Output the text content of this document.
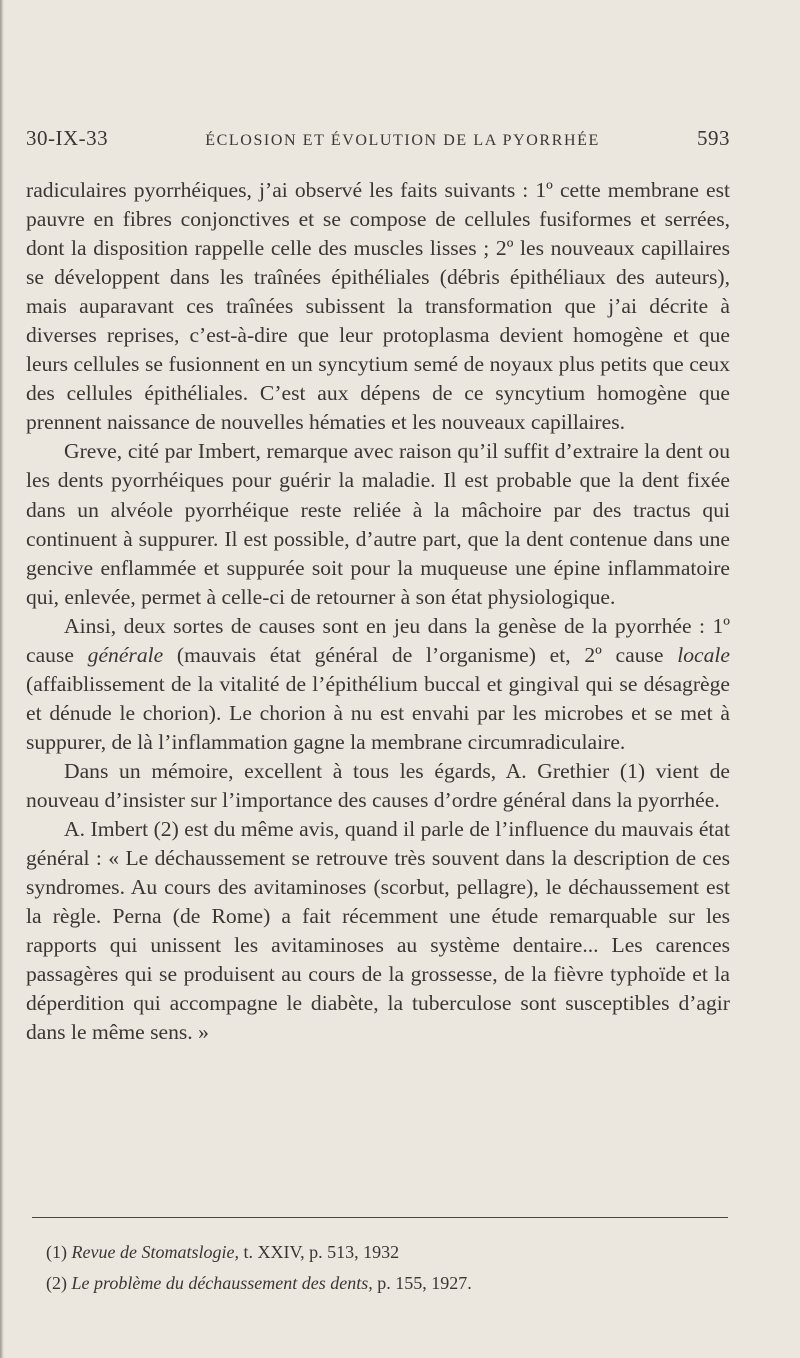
30-IX-33	ÉCLOSION ET ÉVOLUTION DE LA PYORRHÉE	593

radiculaires pyorrhéiques, j’ai observé les faits suivants : 1º cette membrane est pauvre en fibres conjonctives et se compose de cellules fusiformes et serrées, dont la disposition rappelle celle des muscles lisses ; 2º les nouveaux capillaires se développent dans les traînées épithéliales (débris épithéliaux des auteurs), mais auparavant ces traînées subissent la transformation que j’ai décrite à diverses reprises, c’est-à-dire que leur protoplasma devient homogène et que leurs cellules se fusionnent en un syncytium semé de noyaux plus petits que ceux des cellules épithéliales. C’est aux dépens de ce syncytium homogène que prennent naissance de nouvelles hématies et les nouveaux capillaires.

Greve, cité par Imbert, remarque avec raison qu’il suffit d’extraire la dent ou les dents pyorrhéiques pour guérir la maladie. Il est probable que la dent fixée dans un alvéole pyorrhéique reste reliée à la mâchoire par des tractus qui continuent à suppurer. Il est possible, d’autre part, que la dent contenue dans une gencive enflammée et suppurée soit pour la muqueuse une épine inflammatoire qui, enlevée, permet à celle-ci de retourner à son état physiologique.

Ainsi, deux sortes de causes sont en jeu dans la genèse de la pyorrhée : 1º cause générale (mauvais état général de l’organisme) et, 2º cause locale (affaiblissement de la vitalité de l’épithélium buccal et gingival qui se désagrège et dénude le chorion). Le chorion à nu est envahi par les microbes et se met à suppurer, de là l’inflammation gagne la membrane circumradiculaire.

Dans un mémoire, excellent à tous les égards, A. Grethier (1) vient de nouveau d’insister sur l’importance des causes d’ordre général dans la pyorrhée.

A. Imbert (2) est du même avis, quand il parle de l’influence du mauvais état général : « Le déchaussement se retrouve très souvent dans la description de ces syndromes. Au cours des avitaminoses (scorbut, pellagre), le déchaussement est la règle. Perna (de Rome) a fait récemment une étude remarquable sur les rapports qui unissent les avitaminoses au système dentaire... Les carences passagères qui se produisent au cours de la grossesse, de la fièvre typhoïde et la déperdition qui accompagne le diabète, la tuberculose sont susceptibles d’agir dans le même sens. »

(1) Revue de Stomatslogie, t. XXIV, p. 513, 1932
(2) Le problème du déchaussement des dents, p. 155, 1927.
